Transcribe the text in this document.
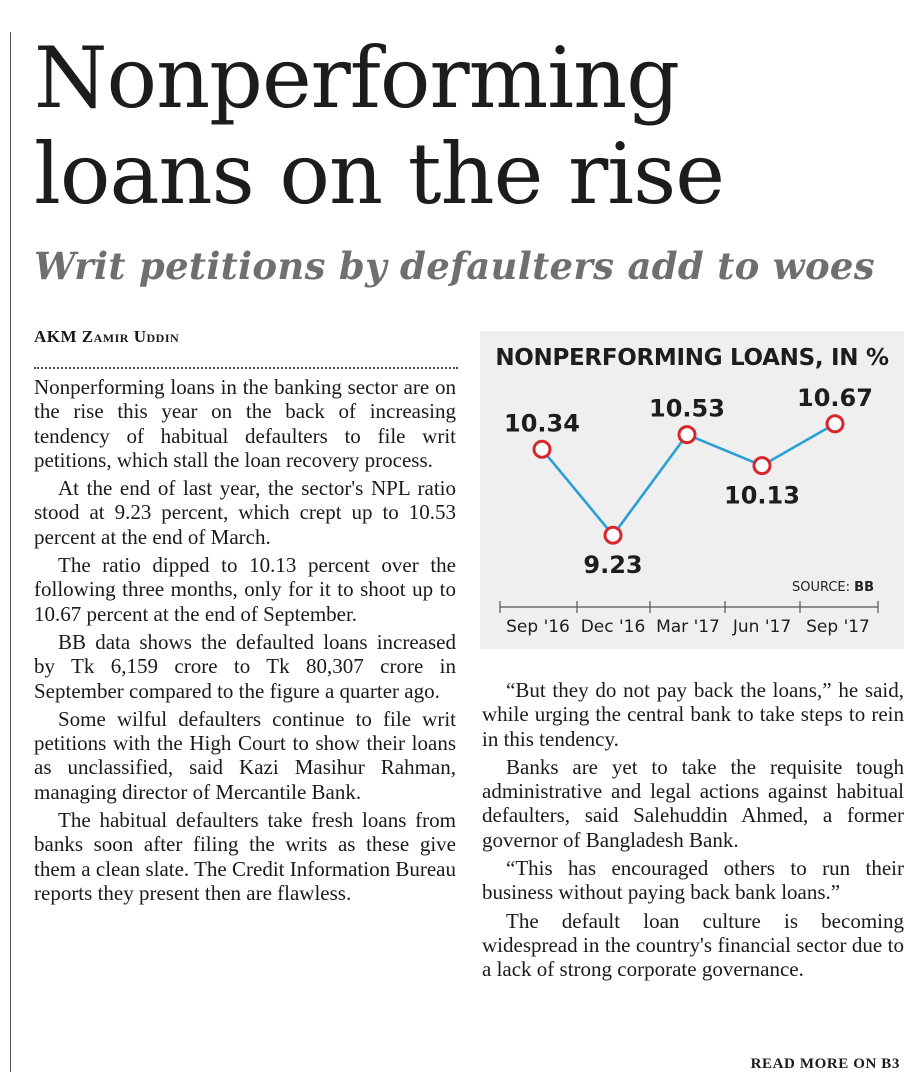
Nonperforming
loans on the rise
Writ petitions by defaulters add to woes
AKM Zamir Uddin

Nonperforming loans in the banking sector are on the rise this year on the back of increasing tendency of habitual defaulters to file writ petitions, which stall the loan recovery process.

At the end of last year, the sector's NPL ratio stood at 9.23 percent, which crept up to 10.53 percent at the end of March.

The ratio dipped to 10.13 percent over the following three months, only for it to shoot up to 10.67 percent at the end of September.

BB data shows the defaulted loans increased by Tk 6,159 crore to Tk 80,307 crore in September compared to the figure a quarter ago.

Some wilful defaulters continue to file writ petitions with the High Court to show their loans as unclassified, said Kazi Masihur Rahman, managing director of Mercantile Bank.

The habitual defaulters take fresh loans from banks soon after filing the writs as these give them a clean slate. The Credit Information Bureau reports they present then are flawless.

NONPERFORMING LOANS, IN %
10.34
9.23
10.53
10.13
10.67
Sep '16 Dec '16 Mar '17 Jun '17 Sep '17
SOURCE: BB

“But they do not pay back the loans,” he said, while urging the central bank to take steps to rein in this tendency.

Banks are yet to take the requisite tough administrative and legal actions against habitual defaulters, said Salehuddin Ahmed, a former governor of Bangladesh Bank.

“This has encouraged others to run their business without paying back bank loans.”

The default loan culture is becoming widespread in the country's financial sector due to a lack of strong corporate governance.

READ MORE ON B3
